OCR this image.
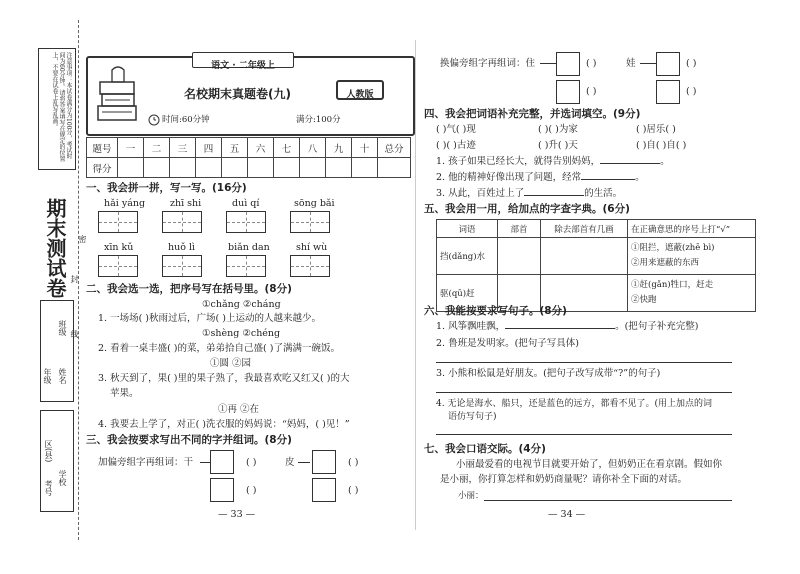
注意事项：本试卷满分为100分，考试时间为60分钟。请将答案填写在规定的位置上，不要在试卷上乱写乱画。
期末测试卷 密
封
线
年级 姓名
班级
区(县)
学校
考号
语文 · 二年级上
名校期末真题卷(九)	人教版
时间:60分钟	满分:100分
题号	一	二	三	四	五	六	七	八	九	十	总分
得分											
一、我会拼一拼，写一写。(16分)
hǎi yáng	zhī shi	duì qí	sōng bǎi
xīn kǔ	huǒ lì	biǎn dan	shí wù
二、我会选一选，把序号写在括号里。(8分)
①chǎng ②cháng
1. 一场场( )秋雨过后，广场( )上运动的人越来越少。
①shèng ②chéng
2. 看着一桌丰盛( )的菜，弟弟拾自己盛( )了满满一碗饭。
①圆 ②园
3. 秋天到了，果( )里的果子熟了，我最喜欢吃又红又( )的大
苹果。
①再 ②在
4. 我要去上学了，对正( )洗衣服的妈妈说：“妈妈，( )见！”
三、我会按要求写出不同的字并组词。(8分)
加偏旁组字再组词：干	( )
( )
皮	( )
( )
— 33 —
换偏旁组字再组词：住	( )
( )
娃	( )
( )
四、我会把词语补充完整，并选词填空。(9分)
( )气( )现	( )( )为家	( )居乐( )
( )( )古迹	( )升( )天	( )自( )自( )
1. 孩子如果已经长大，就得告别妈妈，	。
2. 他的精神好像出现了问题，经常	。
3. 从此，百姓过上了	的生活。
五、我会用一用，给加点的字查字典。(6分)
词语	部首	除去部首有几画	在正确意思的序号上打“√”
挡(dǎng)水			①阻拦，遮蔽(zhē bì)
②用来遮蔽的东西

驱(qū)赶			①赶(gǎn)牲口，赶走
②快跑
六、我能按要求写句子。(8分)
1. 风筝飘哇飘，	。(把句子补充完整)
2. 鲁班是发明家。(把句子写具体)
3. 小熊和松鼠是好朋友。(把句子改写成带“?”的句子)
4. 无论是海水、船只，还是蓝色的远方，都看不见了。(用上加点的词
语仿写句子)
七、我会口语交际。(4分)
小丽最爱看的电视节目就要开始了，但奶奶正在看京剧。假如你
是小丽，你打算怎样和奶奶商量呢？请你补全下面的对话。
小丽：
— 34 —
